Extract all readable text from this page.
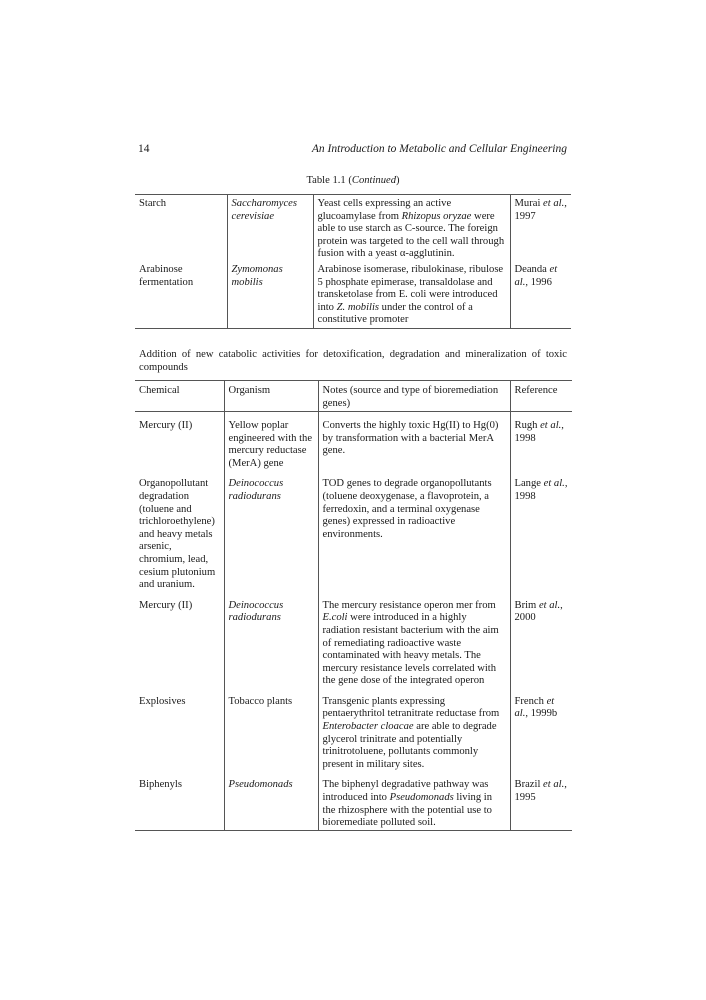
14	An Introduction to Metabolic and Cellular Engineering
Table 1.1 (Continued)
Starch	Saccharomyces cerevisiae	Yeast cells expressing an active glucoamylase from Rhizopus oryzae were able to use starch as C-source. The foreign protein was targeted to the cell wall through fusion with a yeast α-agglutinin.	Murai et al., 1997
Arabinose fermentation	Zymomonas mobilis	Arabinose isomerase, ribulokinase, ribulose 5 phosphate epimerase, transaldolase and transketolase from E. coli were introduced into Z. mobilis under the control of a constitutive promoter	Deanda et al., 1996
Addition of new catabolic activities for detoxification, degradation and mineralization of toxic compounds
Chemical	Organism	Notes (source and type of bioremediation genes)	Reference
Mercury (II)	Yellow poplar engineered with the mercury reductase (MerA) gene	Converts the highly toxic Hg(II) to Hg(0) by transformation with a bacterial MerA gene.	Rugh et al., 1998
Organopollutant degradation (toluene and trichloroethylene) and heavy metals arsenic, chromium, lead, cesium plutonium and uranium.	Deinococcus radiodurans	TOD genes to degrade organopollutants (toluene deoxygenase, a flavoprotein, a ferredoxin, and a terminal oxygenase genes) expressed in radioactive environments.	Lange et al., 1998
Mercury (II)	Deinococcus radiodurans	The mercury resistance operon mer from E.coli were introduced in a highly radiation resistant bacterium with the aim of remediating radioactive waste contaminated with heavy metals. The mercury resistance levels correlated with the gene dose of the integrated operon	Brim et al., 2000
Explosives	Tobacco plants	Transgenic plants expressing pentaerythritol tetranitrate reductase from Enterobacter cloacae are able to degrade glycerol trinitrate and potentially trinitrotoluene, pollutants commonly present in military sites.	French et al., 1999b
Biphenyls	Pseudomonads	The biphenyl degradative pathway was introduced into Pseudomonads living in the rhizosphere with the potential use to bioremediate polluted soil.	Brazil et al., 1995
